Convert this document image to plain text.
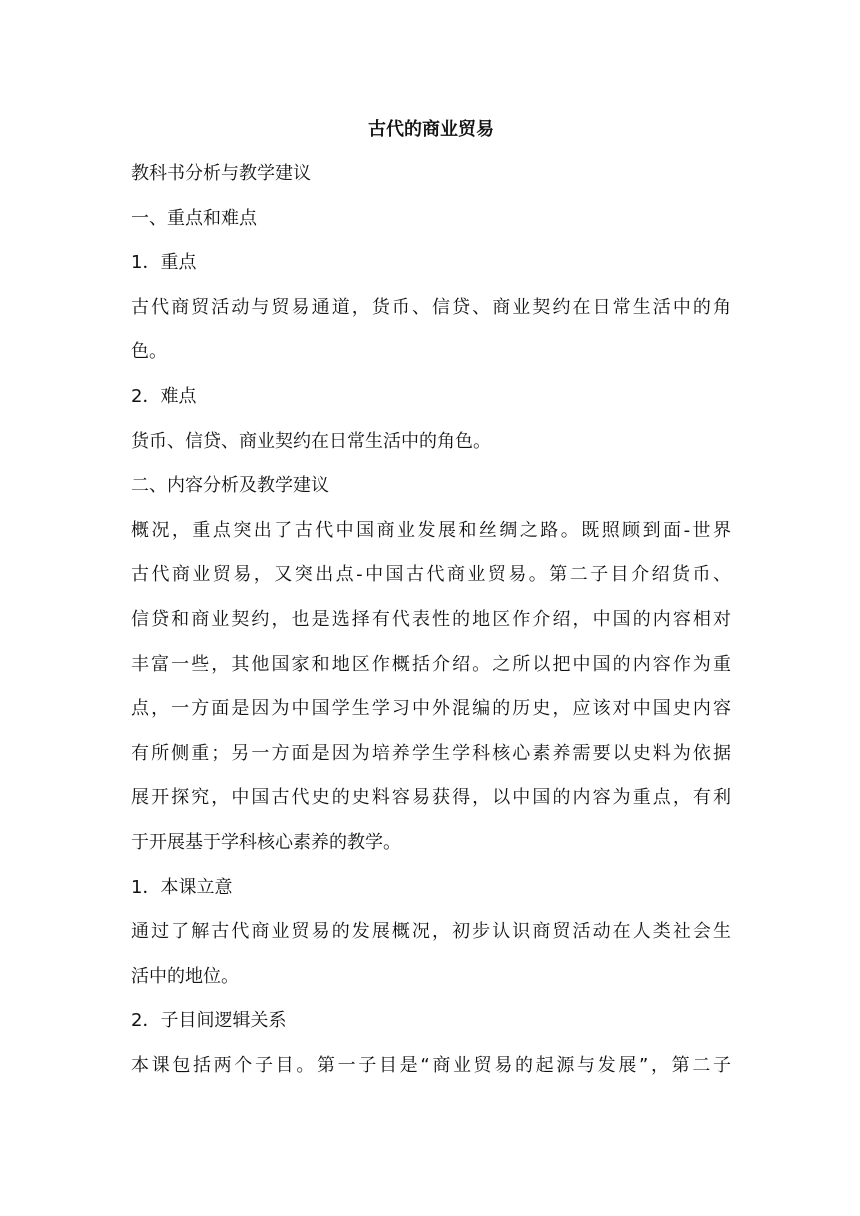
古代的商业贸易

教科书分析与教学建议

一、重点和难点

1．重点

古代商贸活动与贸易通道，货币、信贷、商业契约在日常生活中的角
色。

2．难点

货币、信贷、商业契约在日常生活中的角色。

二、内容分析及教学建议

概况，重点突出了古代中国商业发展和丝绸之路。既照顾到面-世界
古代商业贸易，又突出点-中国古代商业贸易。第二子目介绍货币、
信贷和商业契约，也是选择有代表性的地区作介绍，中国的内容相对
丰富一些，其他国家和地区作概括介绍。之所以把中国的内容作为重
点，一方面是因为中国学生学习中外混编的历史，应该对中国史内容
有所侧重；另一方面是因为培养学生学科核心素养需要以史料为依据
展开探究，中国古代史的史料容易获得，以中国的内容为重点，有利
于开展基于学科核心素养的教学。

1．本课立意

通过了解古代商业贸易的发展概况，初步认识商贸活动在人类社会生
活中的地位。

2．子目间逻辑关系

本课包括两个子目。第一子目是“商业贸易的起源与发展”，第二子
